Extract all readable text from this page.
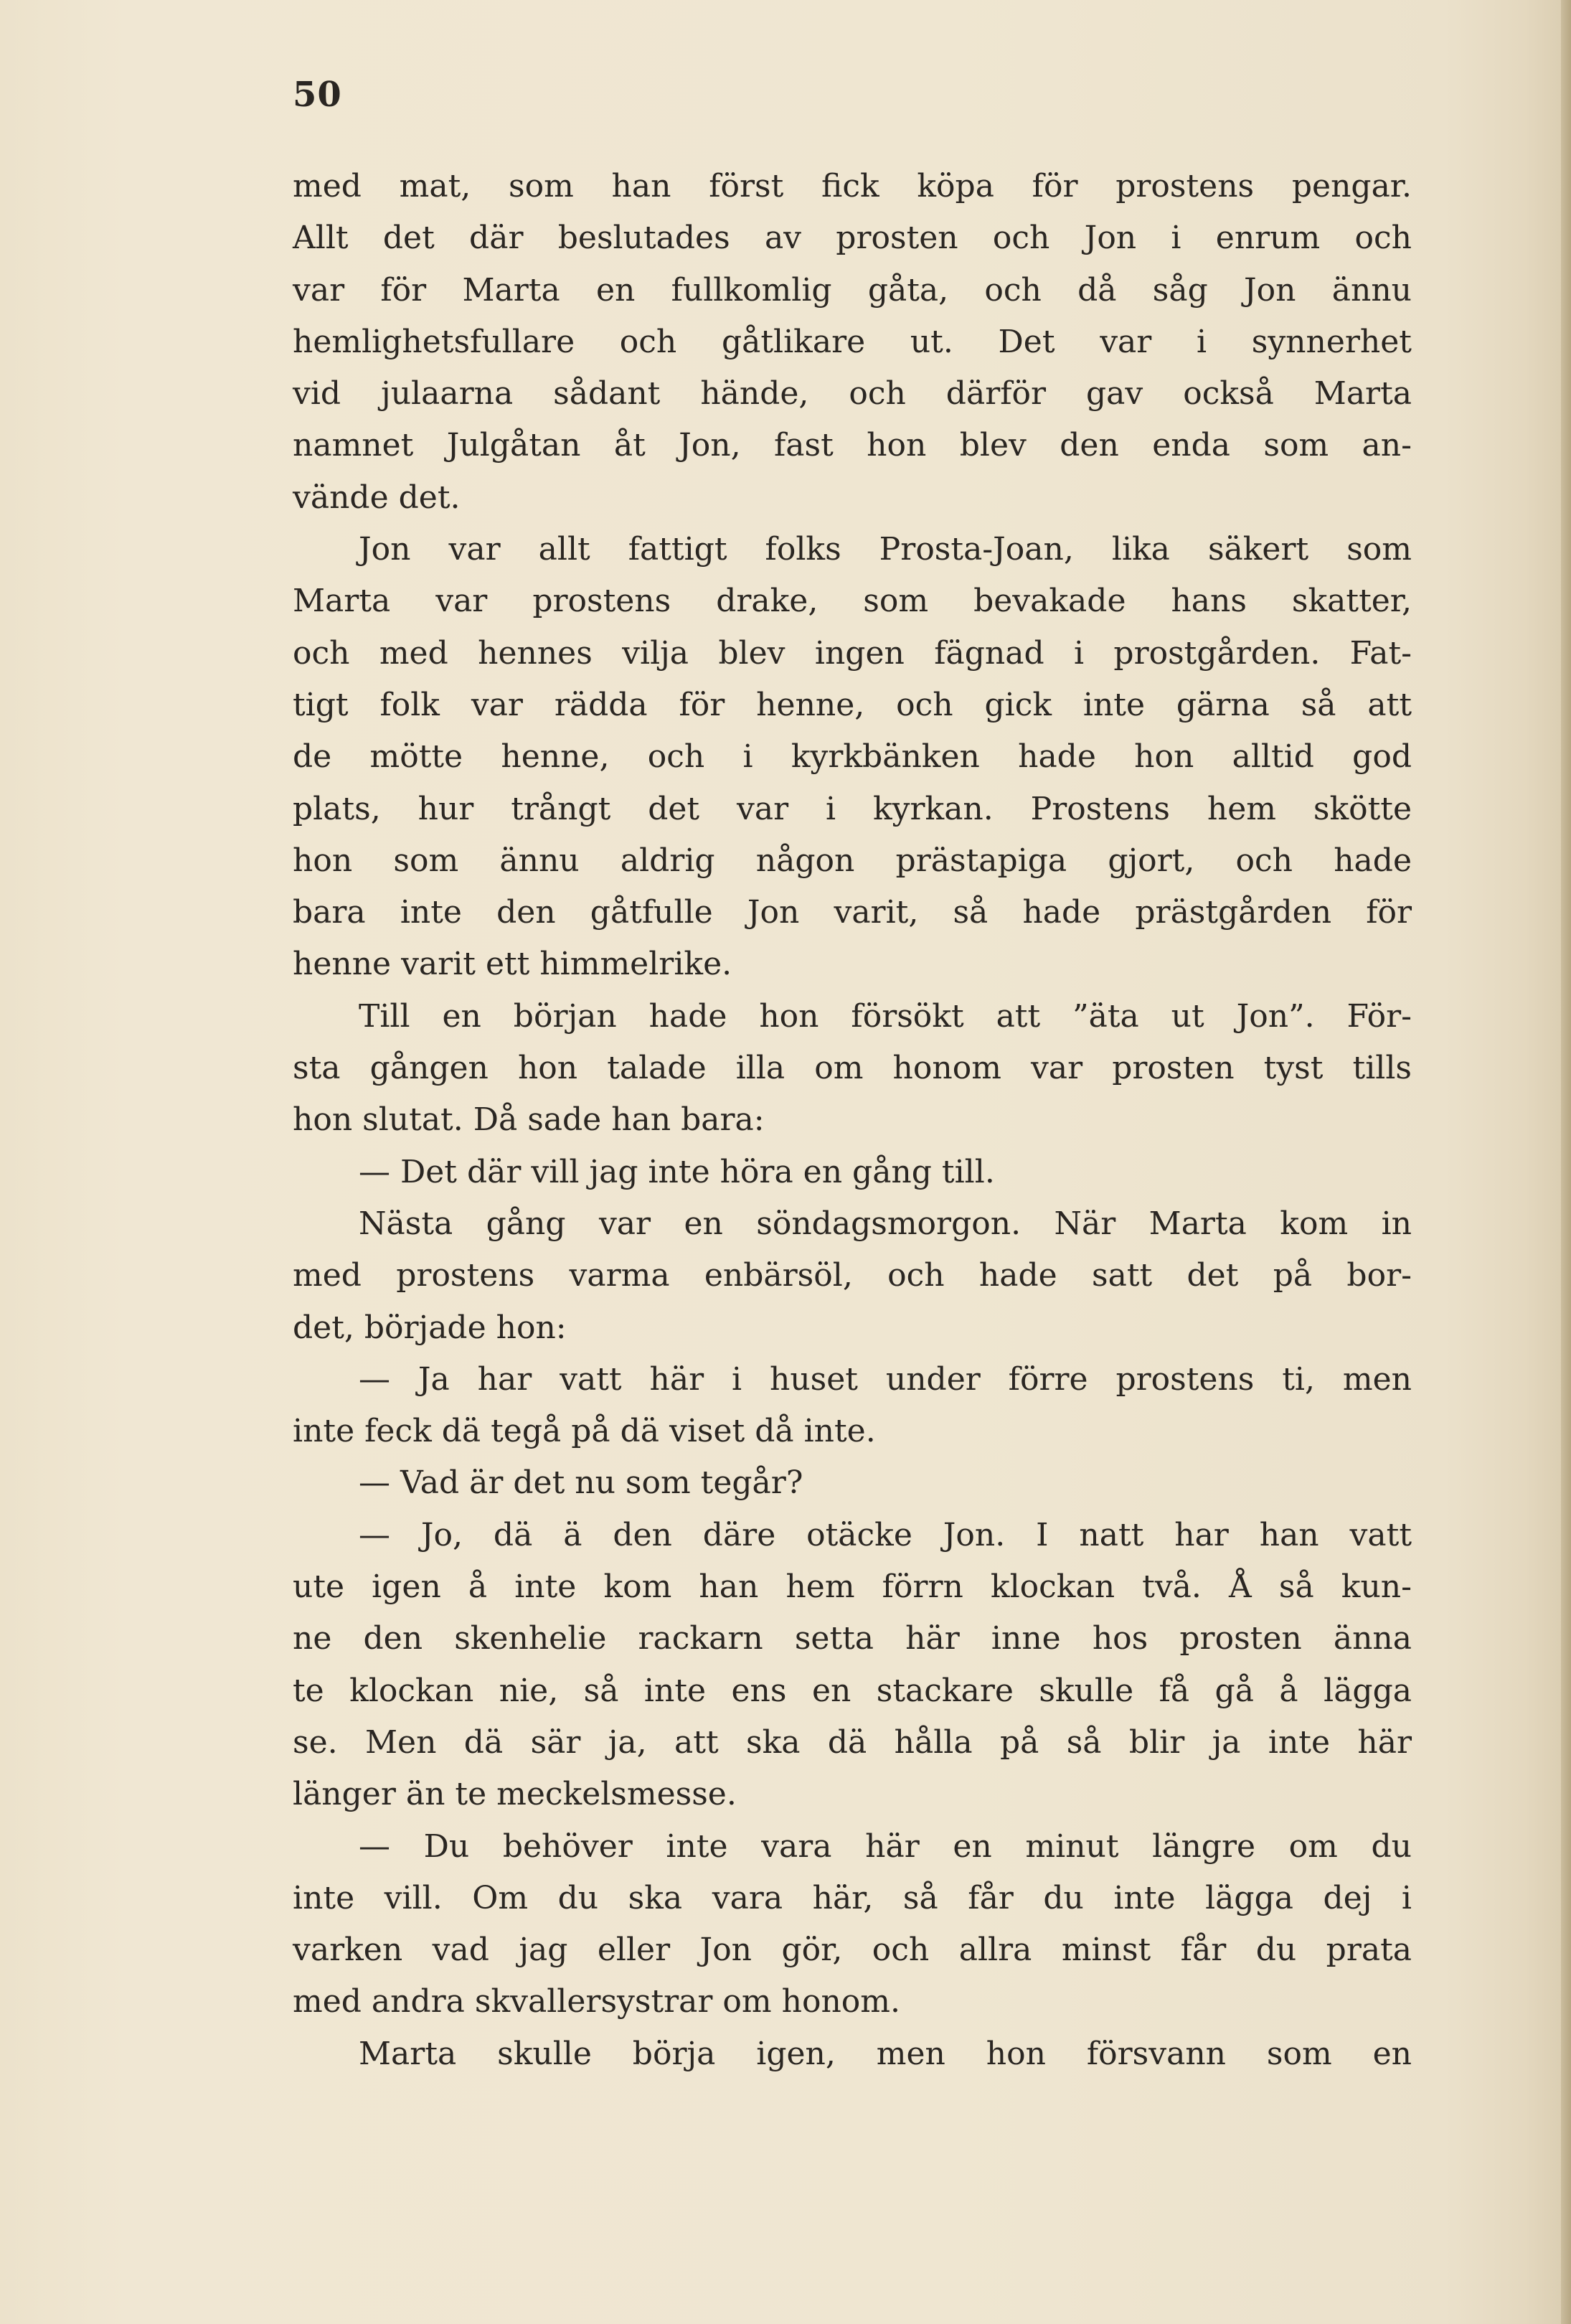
50
med mat, som han först fick köpa för prostens pengar.
Allt det där beslutades av prosten och Jon i enrum och
var för Marta en fullkomlig gåta, och då såg Jon ännu
hemlighetsfullare och gåtlikare ut. Det var i synnerhet
vid julaarna sådant hände, och därför gav också Marta
namnet Julgåtan åt Jon, fast hon blev den enda som an-
vände det.
Jon var allt fattigt folks Prosta-Joan, lika säkert som
Marta var prostens drake, som bevakade hans skatter,
och med hennes vilja blev ingen fägnad i prostgården. Fat-
tigt folk var rädda för henne, och gick inte gärna så att
de mötte henne, och i kyrkbänken hade hon alltid god
plats, hur trångt det var i kyrkan. Prostens hem skötte
hon som ännu aldrig någon prästapiga gjort, och hade
bara inte den gåtfulle Jon varit, så hade prästgården för
henne varit ett himmelrike.
Till en början hade hon försökt att ”äta ut Jon”. För-
sta gången hon talade illa om honom var prosten tyst tills
hon slutat. Då sade han bara:
— Det där vill jag inte höra en gång till.
Nästa gång var en söndagsmorgon. När Marta kom in
med prostens varma enbärsöl, och hade satt det på bor-
det, började hon:
— Ja har vatt här i huset under förre prostens ti, men
inte feck dä tegå på dä viset då inte.
— Vad är det nu som tegår?
— Jo, dä ä den däre otäcke Jon. I natt har han vatt
ute igen å inte kom han hem förrn klockan två. Å så kun-
ne den skenhelie rackarn setta här inne hos prosten änna
te klockan nie, så inte ens en stackare skulle få gå å lägga
se. Men dä sär ja, att ska dä hålla på så blir ja inte här
länger än te meckelsmesse.
— Du behöver inte vara här en minut längre om du
inte vill. Om du ska vara här, så får du inte lägga dej i
varken vad jag eller Jon gör, och allra minst får du prata
med andra skvallersystrar om honom.
Marta skulle börja igen, men hon försvann som en
